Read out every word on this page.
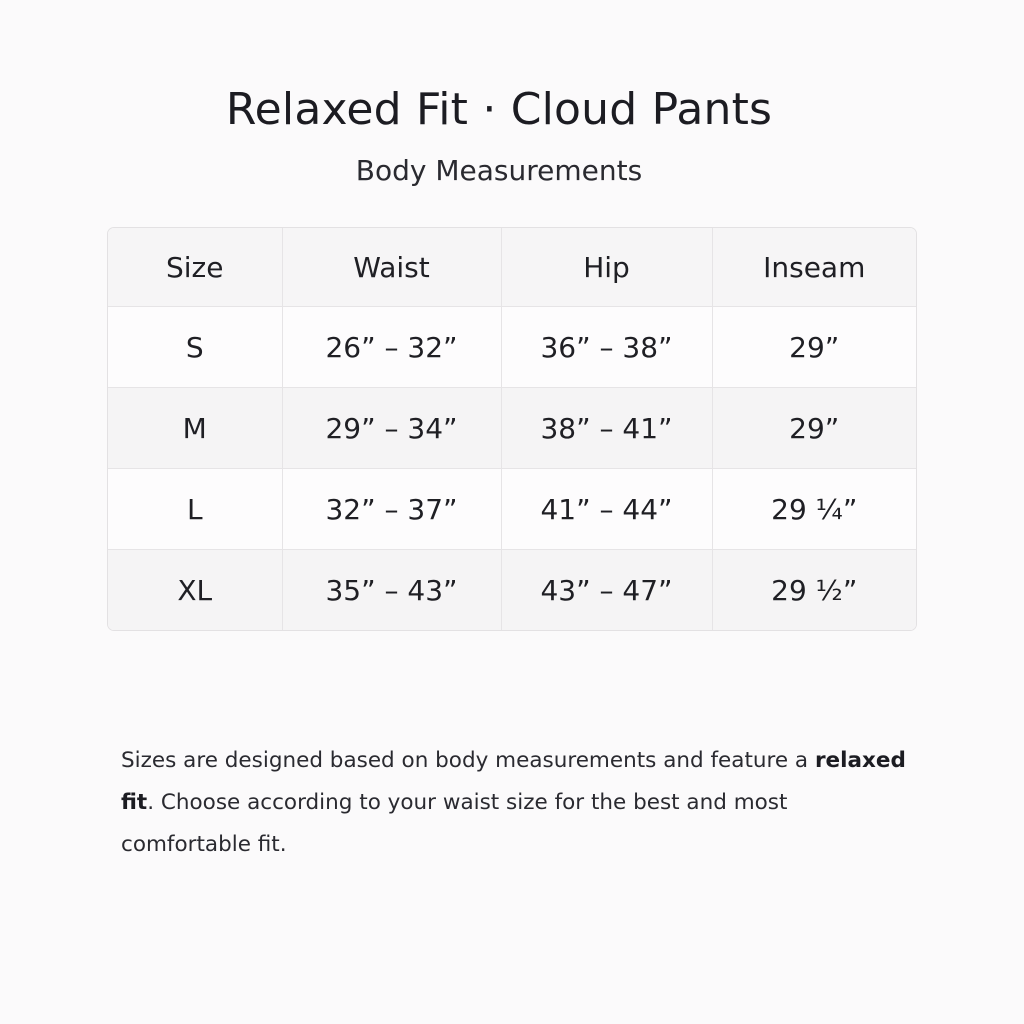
Relaxed Fit · Cloud Pants
Body Measurements
Size	Waist	Hip	Inseam
S	26” – 32”	36” – 38”	29”
M	29” – 34”	38” – 41”	29”
L	32” – 37”	41” – 44”	29 ¼”
XL	35” – 43”	43” – 47”	29 ½”

Sizes are designed based on body measurements and feature a relaxed fit. Choose according to your waist size for the best and most comfortable fit.
